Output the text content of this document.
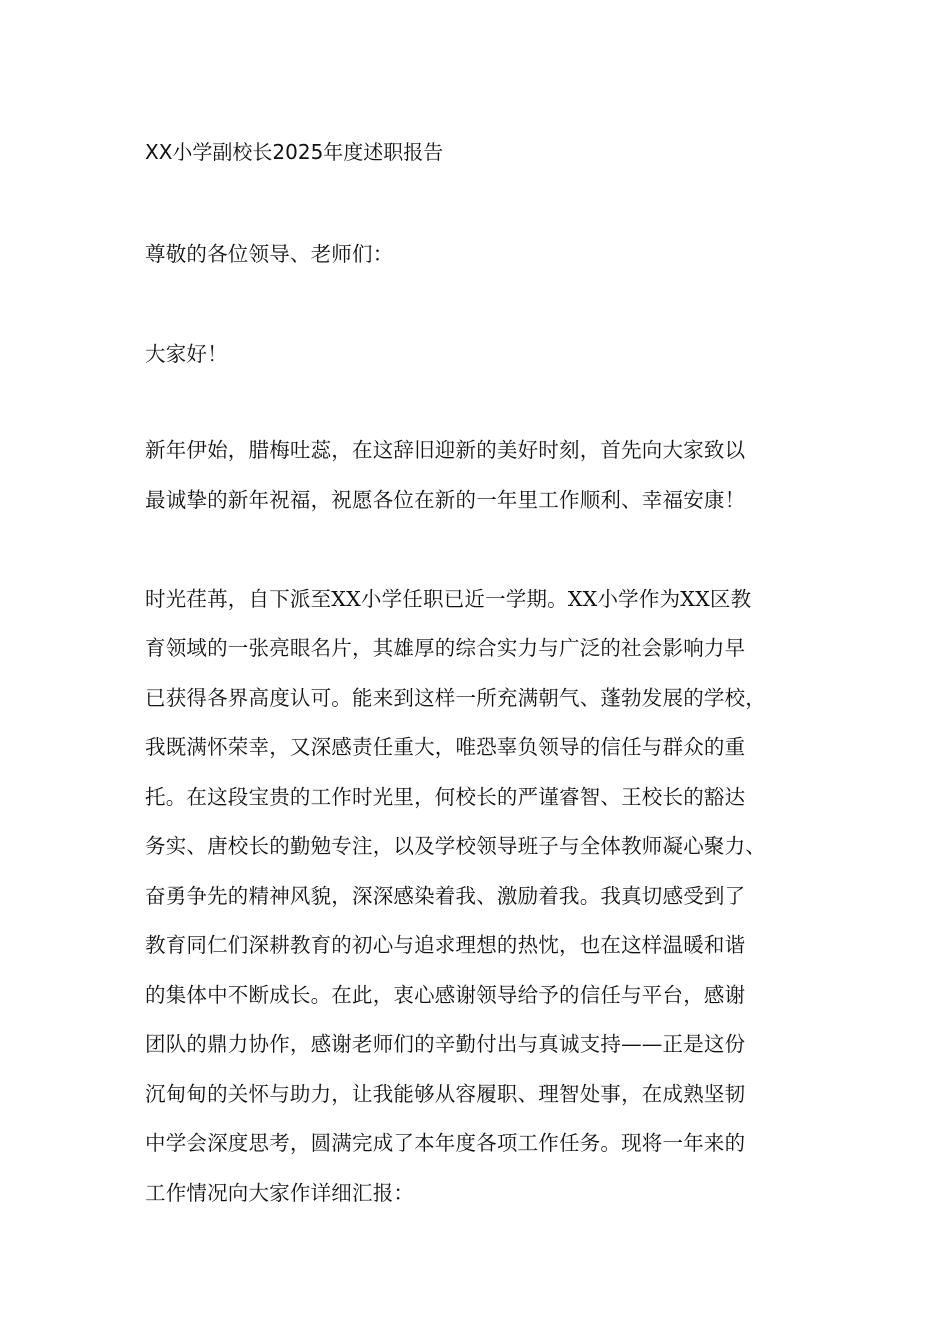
XX小学副校长2025年度述职报告
尊敬的各位领导、老师们：
大家好！
新年伊始，腊梅吐蕊，在这辞旧迎新的美好时刻，首先向大家致以
最诚挚的新年祝福，祝愿各位在新的一年里工作顺利、幸福安康！
时光荏苒，自下派至XX小学任职已近一学期。XX小学作为XX区教
育领域的一张亮眼名片，其雄厚的综合实力与广泛的社会影响力早
已获得各界高度认可。能来到这样一所充满朝气、蓬勃发展的学校，
我既满怀荣幸，又深感责任重大，唯恐辜负领导的信任与群众的重
托。在这段宝贵的工作时光里，何校长的严谨睿智、王校长的豁达
务实、唐校长的勤勉专注，以及学校领导班子与全体教师凝心聚力、
奋勇争先的精神风貌，深深感染着我、激励着我。我真切感受到了
教育同仁们深耕教育的初心与追求理想的热忱，也在这样温暖和谐
的集体中不断成长。在此，衷心感谢领导给予的信任与平台，感谢
团队的鼎力协作，感谢老师们的辛勤付出与真诚支持——正是这份
沉甸甸的关怀与助力，让我能够从容履职、理智处事，在成熟坚韧
中学会深度思考，圆满完成了本年度各项工作任务。现将一年来的
工作情况向大家作详细汇报：
